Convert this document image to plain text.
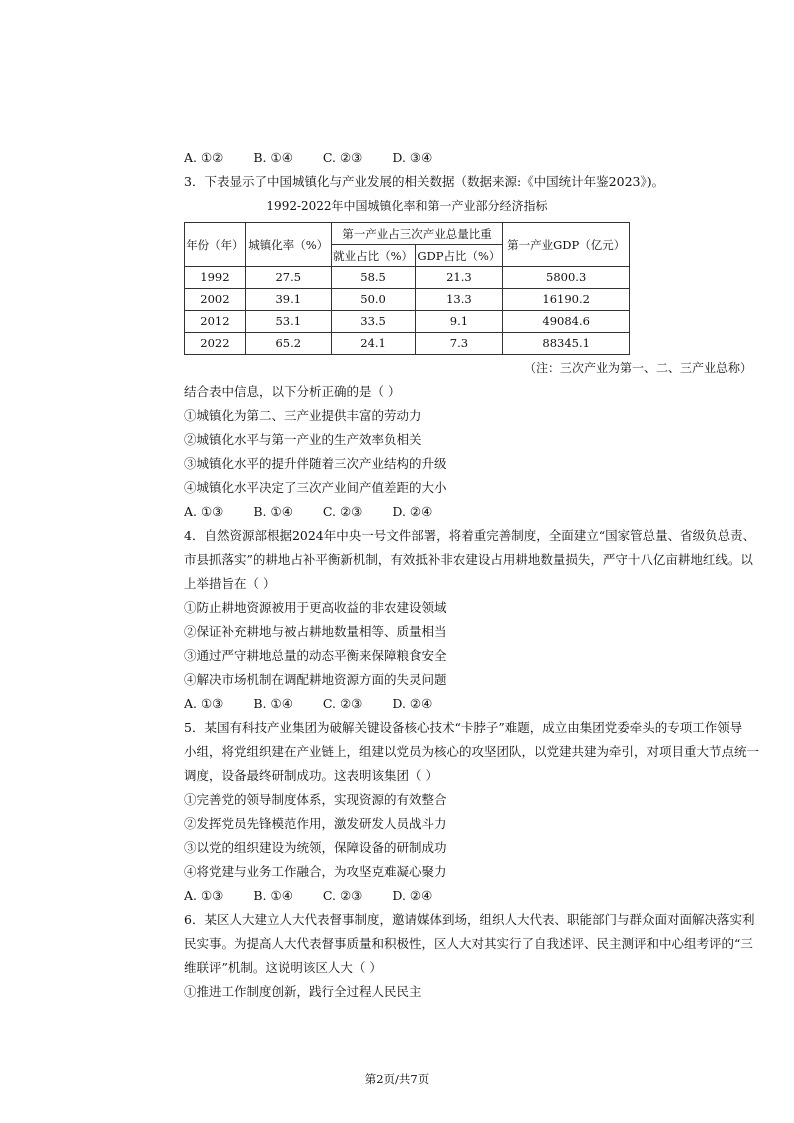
A. ①② B. ①④ C. ②③ D. ③④
3．下表显示了中国城镇化与产业发展的相关数据（数据来源:《中国统计年鉴2023》)。
1992-2022年中国城镇化率和第一产业部分经济指标
年份（年）	城镇化率（%）	第一产业占三次产业总量比重		第一产业GDP（亿元）
		就业占比（%）	GDP占比（%）	
1992	27.5	58.5	21.3	5800.3
2002	39.1	50.0	13.3	16190.2
2012	53.1	33.5	9.1	49084.6
2022	65.2	24.1	7.3	88345.1
（注：三次产业为第一、二、三产业总称）
结合表中信息，以下分析正确的是（ ）
①城镇化为第二、三产业提供丰富的劳动力
②城镇化水平与第一产业的生产效率负相关
③城镇化水平的提升伴随着三次产业结构的升级
④城镇化水平决定了三次产业间产值差距的大小
A. ①③ B. ①④ C. ②③ D. ②④
4．自然资源部根据2024年中央一号文件部署，将着重完善制度，全面建立“国家管总量、省级负总责、
市县抓落实”的耕地占补平衡新机制，有效抵补非农建设占用耕地数量损失，严守十八亿亩耕地红线。以
上举措旨在（ ）
①防止耕地资源被用于更高收益的非农建设领域
②保证补充耕地与被占耕地数量相等、质量相当
③通过严守耕地总量的动态平衡来保障粮食安全
④解决市场机制在调配耕地资源方面的失灵问题
A. ①③ B. ①④ C. ②③ D. ②④
5．某国有科技产业集团为破解关键设备核心技术“卡脖子”难题，成立由集团党委牵头的专项工作领导
小组，将党组织建在产业链上，组建以党员为核心的攻坚团队，以党建共建为牵引，对项目重大节点统一
调度，设备最终研制成功。这表明该集团（ ）
①完善党的领导制度体系，实现资源的有效整合
②发挥党员先锋模范作用，激发研发人员战斗力
③以党的组织建设为统领，保障设备的研制成功
④将党建与业务工作融合，为攻坚克难凝心聚力
A. ①③ B. ①④ C. ②③ D. ②④
6．某区人大建立人大代表督事制度，邀请媒体到场，组织人大代表、职能部门与群众面对面解决落实利
民实事。为提高人大代表督事质量和积极性，区人大对其实行了自我述评、民主测评和中心组考评的“三
维联评”机制。这说明该区人大（ ）
①推进工作制度创新，践行全过程人民民主
第2页/共7页
